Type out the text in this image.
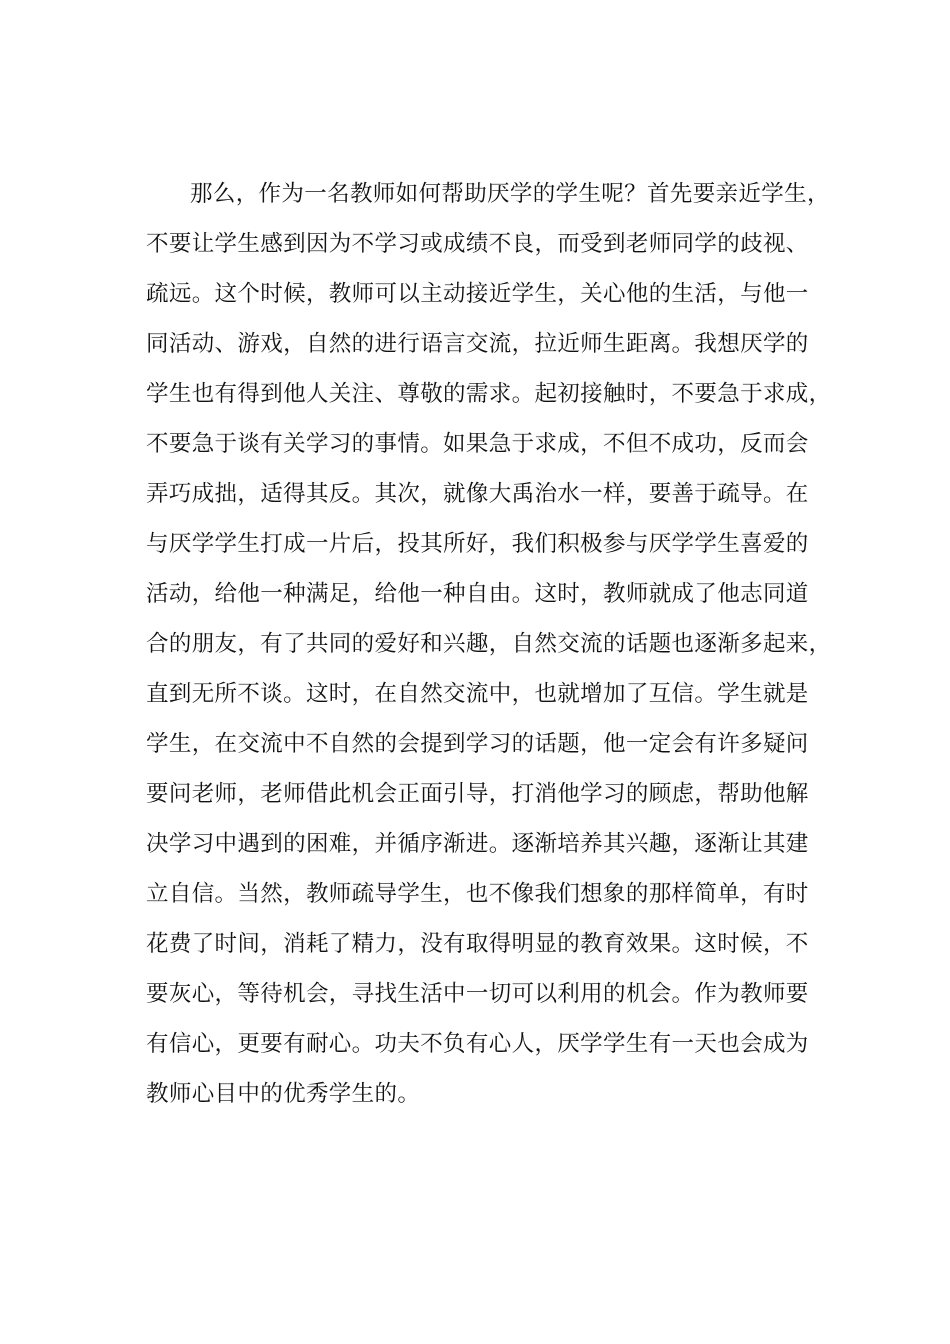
那么，作为一名教师如何帮助厌学的学生呢？首先要亲近学生，
不要让学生感到因为不学习或成绩不良，而受到老师同学的歧视、
疏远。这个时候，教师可以主动接近学生，关心他的生活，与他一
同活动、游戏，自然的进行语言交流，拉近师生距离。我想厌学的
学生也有得到他人关注、尊敬的需求。起初接触时，不要急于求成，
不要急于谈有关学习的事情。如果急于求成，不但不成功，反而会
弄巧成拙，适得其反。其次，就像大禹治水一样，要善于疏导。在
与厌学学生打成一片后，投其所好，我们积极参与厌学学生喜爱的
活动，给他一种满足，给他一种自由。这时，教师就成了他志同道
合的朋友，有了共同的爱好和兴趣，自然交流的话题也逐渐多起来，
直到无所不谈。这时，在自然交流中，也就增加了互信。学生就是
学生，在交流中不自然的会提到学习的话题，他一定会有许多疑问
要问老师，老师借此机会正面引导，打消他学习的顾虑，帮助他解
决学习中遇到的困难，并循序渐进。逐渐培养其兴趣，逐渐让其建
立自信。当然，教师疏导学生，也不像我们想象的那样简单，有时
花费了时间，消耗了精力，没有取得明显的教育效果。这时候，不
要灰心，等待机会，寻找生活中一切可以利用的机会。作为教师要
有信心，更要有耐心。功夫不负有心人，厌学学生有一天也会成为
教师心目中的优秀学生的。
